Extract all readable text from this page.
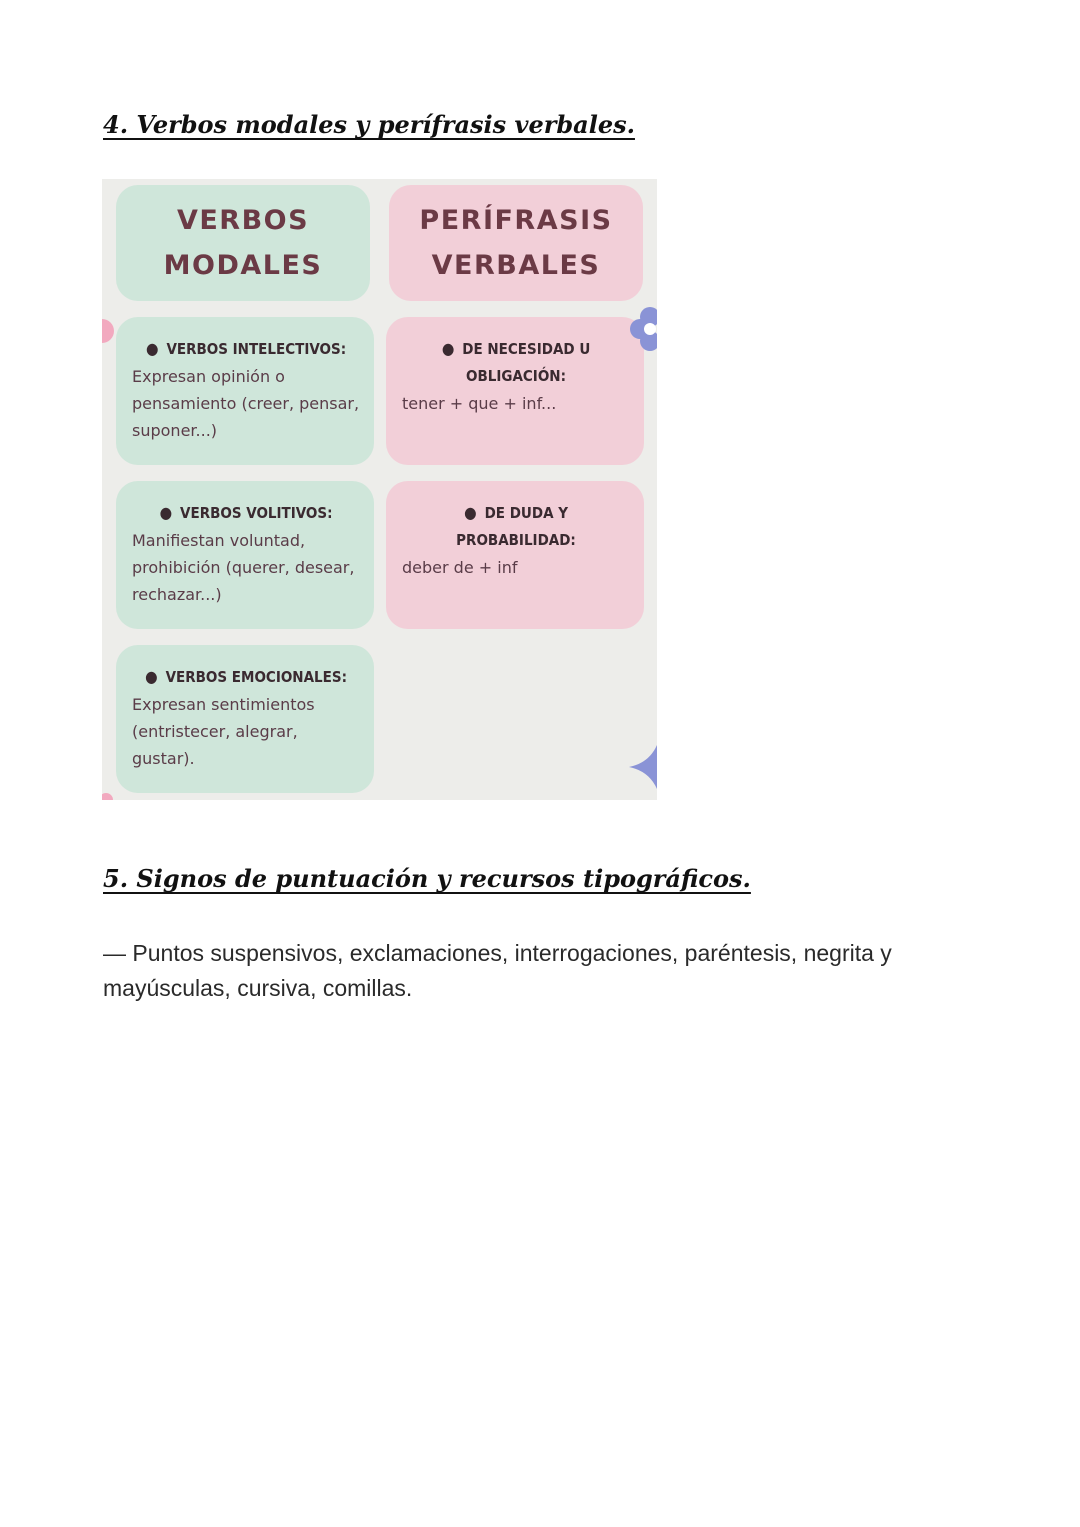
4. Verbos modales y perífrasis verbales.
VERBOS
MODALES
PERÍFRASIS
VERBALES
● VERBOS INTELECTIVOS:
Expresan opinión o
pensamiento (creer, pensar,
suponer...)
● VERBOS VOLITIVOS:
Manifiestan voluntad,
prohibición (querer, desear,
rechazar...)
● VERBOS EMOCIONALES:
Expresan sentimientos
(entristecer, alegrar,
gustar).
● DE NECESIDAD U
OBLIGACIÓN:
tener + que + inf...
● DE DUDA Y
PROBABILIDAD:
deber de + inf
5. Signos de puntuación y recursos tipográficos.
— Puntos suspensivos, exclamaciones, interrogaciones, paréntesis, negrita y mayúsculas, cursiva, comillas.
